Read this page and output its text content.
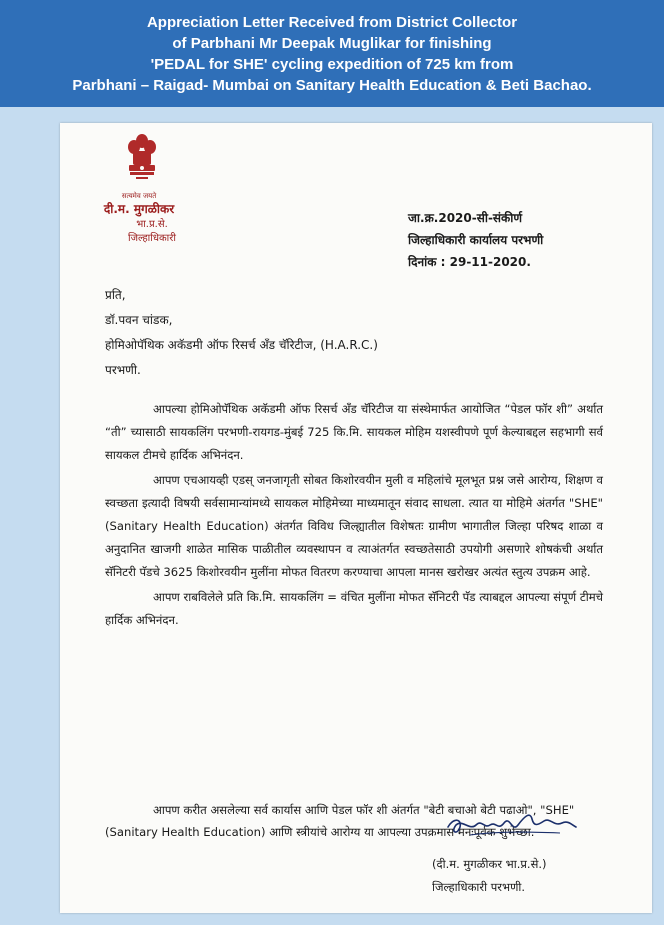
Appreciation Letter Received from District Collector
of Parbhani Mr Deepak Muglikar for finishing
'PEDAL for SHE' cycling expedition of 725 km from
Parbhani – Raigad- Mumbai on Sanitary Health Education & Beti Bachao.
सत्यमेव जयते
दी.म. मुगळीकर
भा.प्र.से.
जिल्हाधिकारी
जा.क्र.2020-सी-संकीर्ण
जिल्हाधिकारी कार्यालय परभणी
दिनांक : 29-11-2020.
प्रति,
डॉ.पवन चांडक,
होमिओपॅथिक अकॅडमी ऑफ रिसर्च अँड चॅरिटीज, (H.A.R.C.)
परभणी.

आपल्या होमिओपॅथिक अकॅडमी ऑफ रिसर्च अँड चॅरिटीज या संस्थेमार्फत आयोजित “पेडल फॉर शी” अर्थात “ती” च्यासाठी सायकलिंग परभणी-रायगड-मुंबई 725 कि.मि. सायकल मोहिम यशस्वीपणे पूर्ण केल्याबद्दल सहभागी सर्व सायकल टीमचे हार्दिक अभिनंदन.

आपण एचआयव्ही एडस् जनजागृती सोबत किशोरवयीन मुली व महिलांचे मूलभूत प्रश्न जसे आरोग्य, शिक्षण व स्वच्छता इत्यादी विषयी सर्वसामान्यांमध्ये सायकल मोहिमेच्या माध्यमातून संवाद साधला. त्यात या मोहिमे अंतर्गत "SHE" (Sanitary Health Education) अंतर्गत विविध जिल्ह्यातील विशेषतः ग्रामीण भागातील जिल्हा परिषद शाळा व अनुदानित खाजगी शाळेत मासिक पाळीतील व्यवस्थापन व त्याअंतर्गत स्वच्छतेसाठी उपयोगी असणारे शोषकंची अर्थात सॅनिटरी पॅडचे 3625 किशोरवयीन मुलींना मोफत वितरण करण्याचा आपला मानस खरोखर अत्यंत स्तुत्य उपक्रम आहे.

आपण राबविलेले प्रति कि.मि. सायकलिंग = वंचित मुलींना मोफत सॅनिटरी पॅड त्याबद्दल आपल्या संपूर्ण टीमचे हार्दिक अभिनंदन.

आपण करीत असलेल्या सर्व कार्यास आणि पेडल फॉर शी अंतर्गत "बेटी बचाओ बेटी पढाओ", "SHE" (Sanitary Health Education) आणि स्त्रीयांचे आरोग्य या आपल्या उपक्रमास मनःपूर्वक शुभेच्छा.

(दी.म. मुगळीकर भा.प्र.से.)
जिल्हाधिकारी परभणी.
